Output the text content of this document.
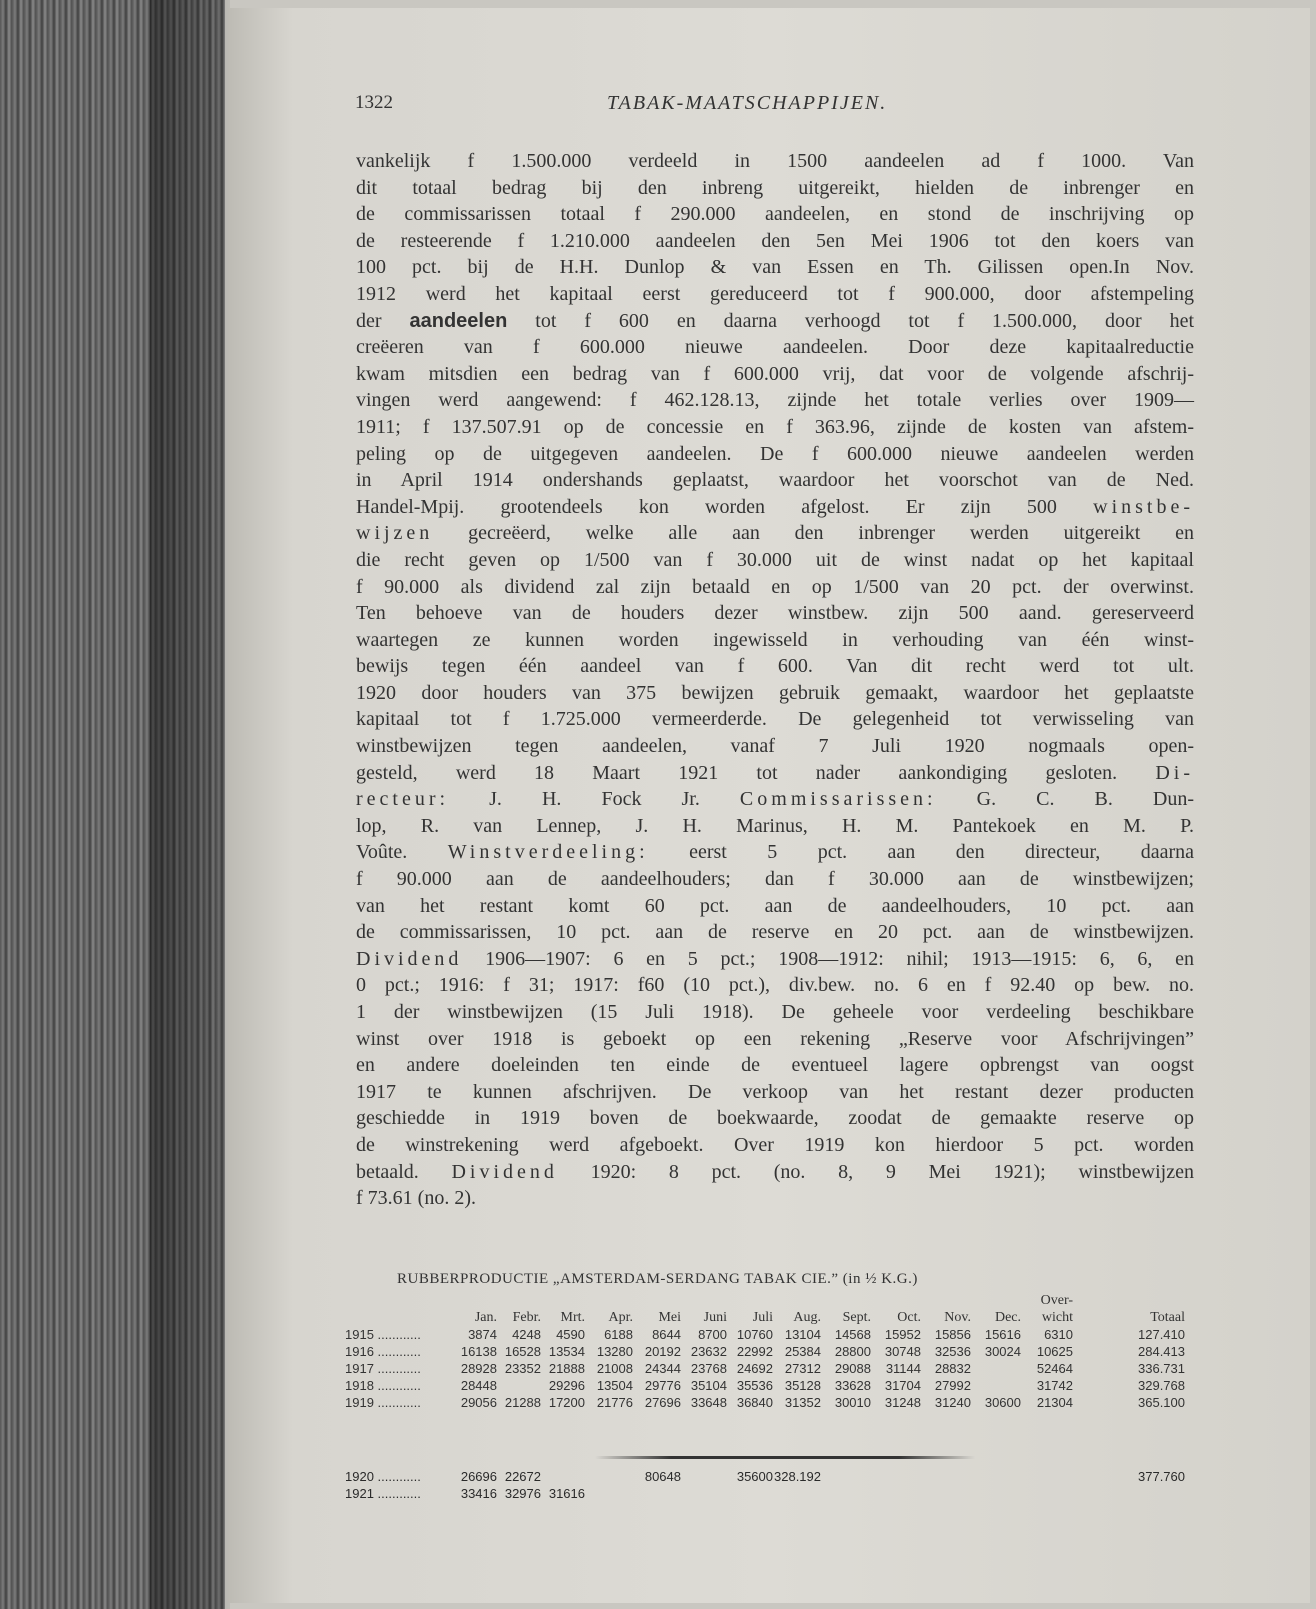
1322	TABAK-MAATSCHAPPIJEN.
vankelijk f 1.500.000 verdeeld in 1500 aandeelen ad f 1000. Van
dit totaal bedrag bij den inbreng uitgereikt, hielden de inbrenger en
de commissarissen totaal f 290.000 aandeelen, en stond de inschrijving op
de resteerende f 1.210.000 aandeelen den 5en Mei 1906 tot den koers van
100 pct. bij de H.H. Dunlop & van Essen en Th. Gilissen open.In Nov.
1912 werd het kapitaal eerst gereduceerd tot f 900.000, door afstempeling
der aandeelen tot f 600 en daarna verhoogd tot f 1.500.000, door het
creëeren van f 600.000 nieuwe aandeelen. Door deze kapitaalreductie
kwam mitsdien een bedrag van f 600.000 vrij, dat voor de volgende afschrij-
vingen werd aangewend: f 462.128.13, zijnde het totale verlies over 1909—
1911; f 137.507.91 op de concessie en f 363.96, zijnde de kosten van afstem-
peling op de uitgegeven aandeelen. De f 600.000 nieuwe aandeelen werden
in April 1914 ondershands geplaatst, waardoor het voorschot van de Ned.
Handel-Mpij. grootendeels kon worden afgelost. Er zijn 500 winstbe-
wijzen gecreëerd, welke alle aan den inbrenger werden uitgereikt en
die recht geven op 1/500 van f 30.000 uit de winst nadat op het kapitaal
f 90.000 als dividend zal zijn betaald en op 1/500 van 20 pct. der overwinst.
Ten behoeve van de houders dezer winstbew. zijn 500 aand. gereserveerd
waartegen ze kunnen worden ingewisseld in verhouding van één winst-
bewijs tegen één aandeel van f 600. Van dit recht werd tot ult.
1920 door houders van 375 bewijzen gebruik gemaakt, waardoor het geplaatste
kapitaal tot f 1.725.000 vermeerderde. De gelegenheid tot verwisseling van
winstbewijzen tegen aandeelen, vanaf 7 Juli 1920 nogmaals open-
gesteld, werd 18 Maart 1921 tot nader aankondiging gesloten. Di-
recteur: J. H. Fock Jr. Commissarissen: G. C. B. Dun-
lop, R. van Lennep, J. H. Marinus, H. M. Pantekoek en M. P.
Voûte. Winstverdeeling: eerst 5 pct. aan den directeur, daarna
f 90.000 aan de aandeelhouders; dan f 30.000 aan de winstbewijzen;
van het restant komt 60 pct. aan de aandeelhouders, 10 pct. aan
de commissarissen, 10 pct. aan de reserve en 20 pct. aan de winstbewijzen.
Dividend 1906—1907: 6 en 5 pct.; 1908—1912: nihil; 1913—1915: 6, 6, en
0 pct.; 1916: f 31; 1917: f60 (10 pct.), div.bew. no. 6 en f 92.40 op bew. no.
1 der winstbewijzen (15 Juli 1918). De geheele voor verdeeling beschikbare
winst over 1918 is geboekt op een rekening „Reserve voor Afschrijvingen”
en andere doeleinden ten einde de eventueel lagere opbrengst van oogst
1917 te kunnen afschrijven. De verkoop van het restant dezer producten
geschiedde in 1919 boven de boekwaarde, zoodat de gemaakte reserve op
de winstrekening werd afgeboekt. Over 1919 kon hierdoor 5 pct. worden
betaald. Dividend 1920: 8 pct. (no. 8, 9 Mei 1921); winstbewijzen
f 73.61 (no. 2).
RUBBERPRODUCTIE „AMSTERDAM-SERDANG TABAK CIE.” (in ½ K.G.)
Over-														
	Jan.	Febr.	Mrt.	Apr.	Mei	Juni	Juli	Aug.	Sept.	Oct.	Nov.	Dec.	wicht	Totaal
1915 ............	3874	4248	4590	6188	8644	8700	10760	13104	14568	15952	15856	15616	6310	127.410
1916 ............	16138	16528	13534	13280	20192	23632	22992	25384	28800	30748	32536	30024	10625	284.413
1917 ............	28928	23352	21888	21008	24344	23768	24692	27312	29088	31144	28832		52464	336.731
1918 ............	28448		29296	13504	29776	35104	35536	35128	33628	31704	27992		31742	329.768
1919 ............	29056	21288	17200	21776	27696	33648	36840	31352	30010	31248	31240	30600	21304	365.100
1920 ............	26696	22672			80648		35600	328.192						377.760
1921 ............	33416	32976	31616											
